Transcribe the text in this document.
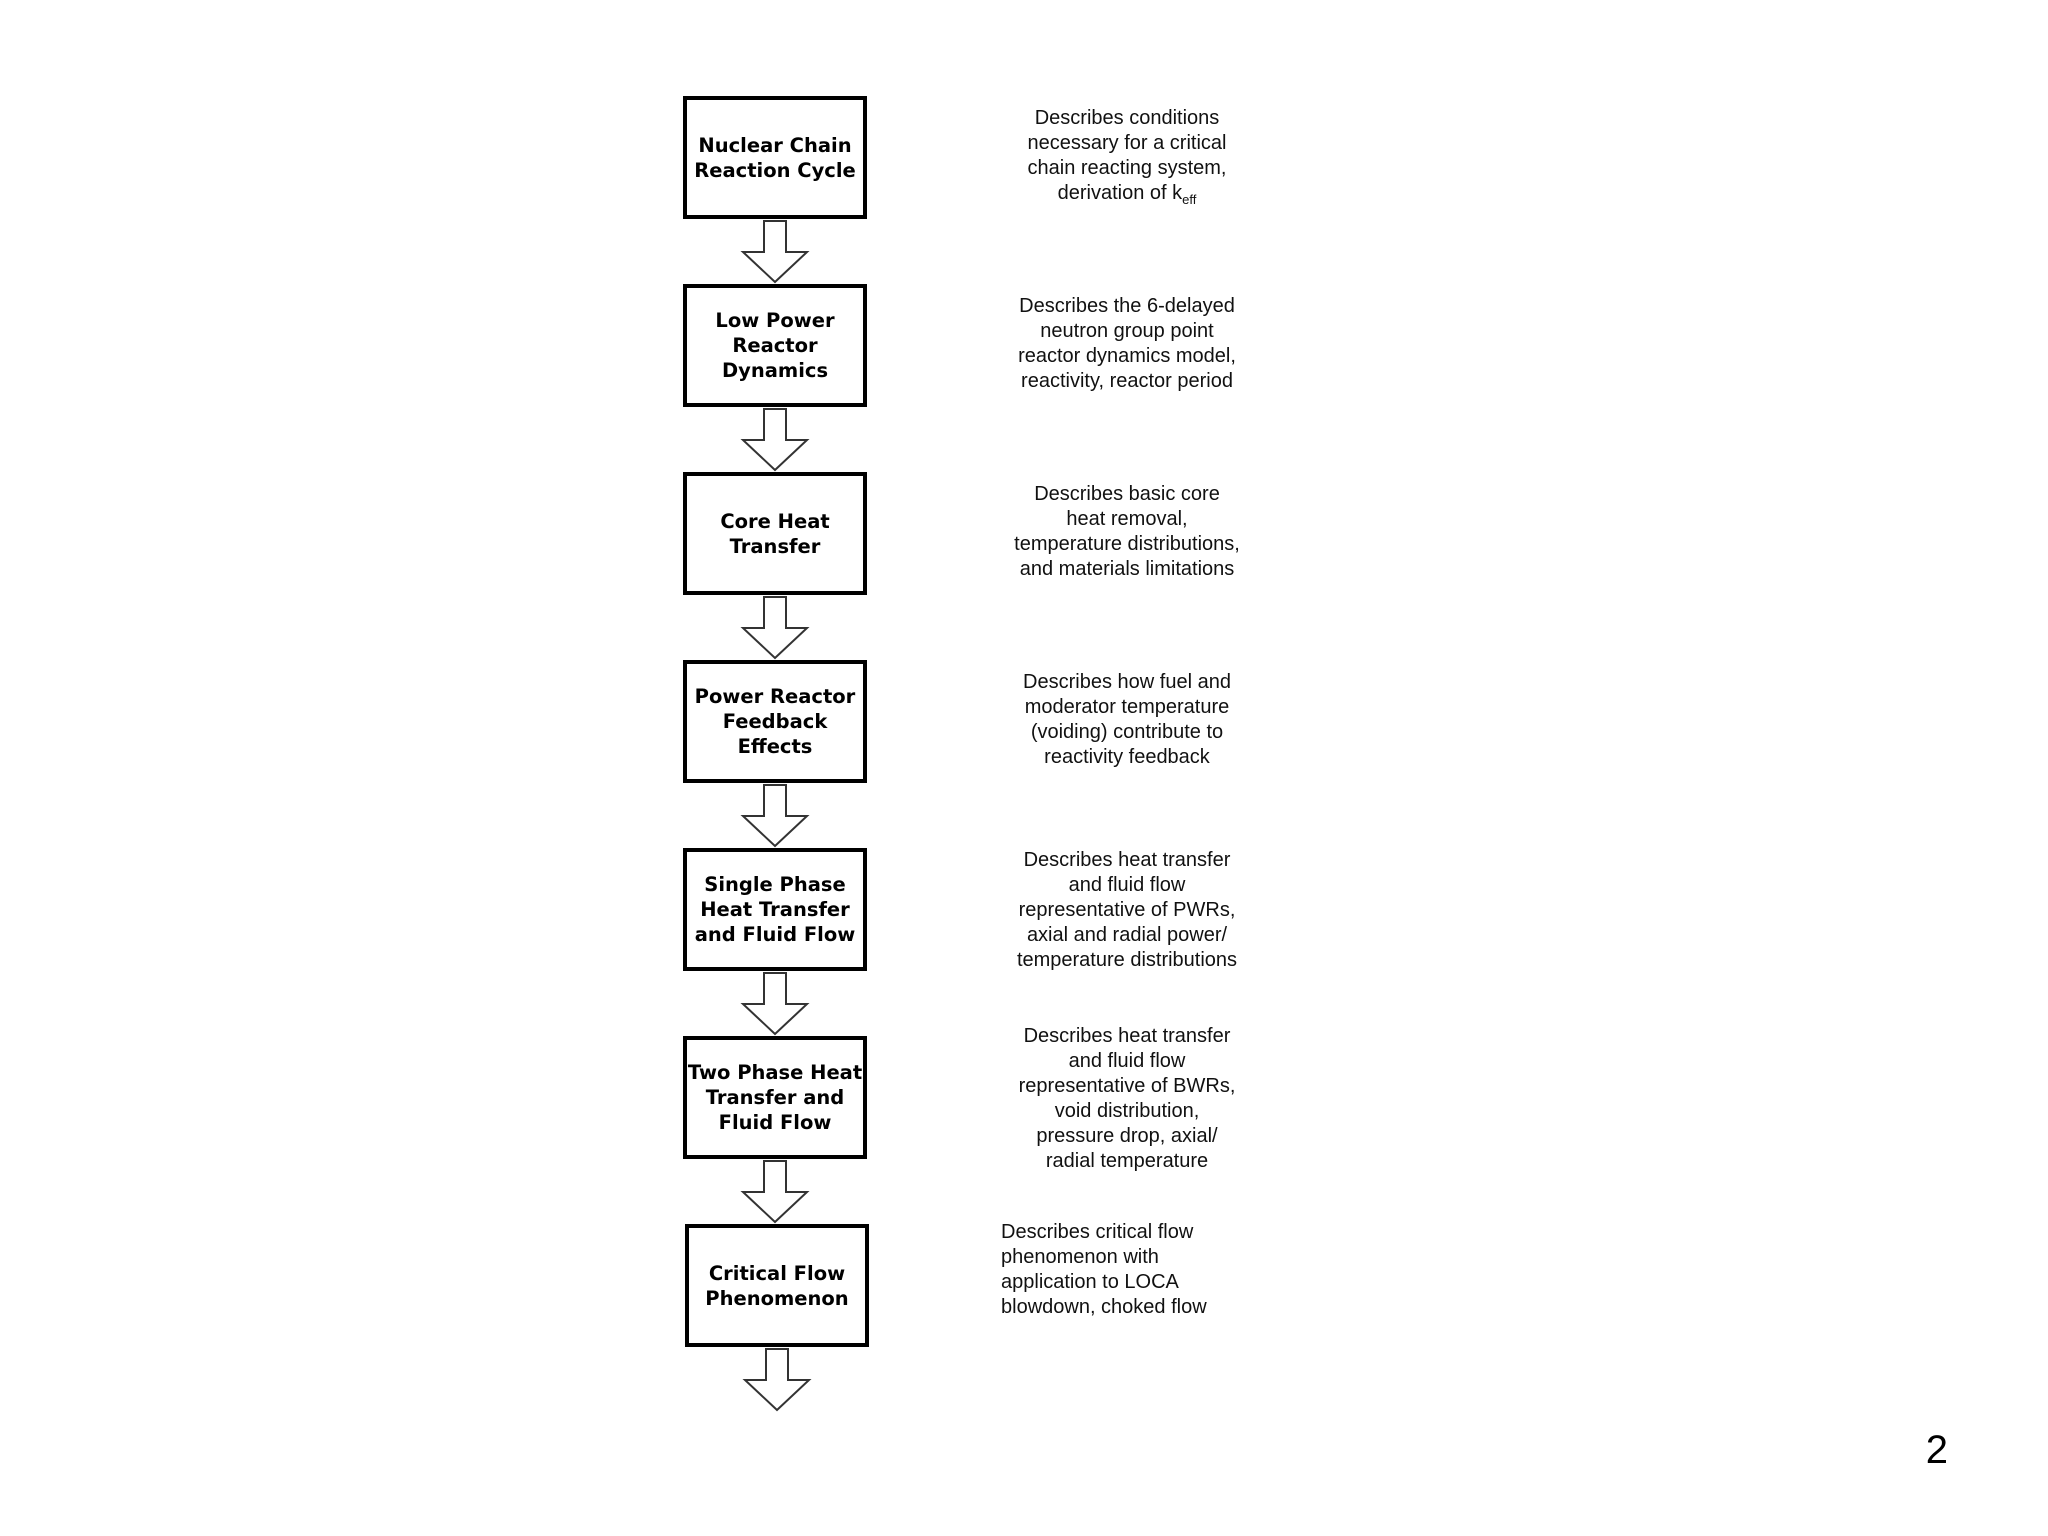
Nuclear Chain
Reaction Cycle
Describes conditions
necessary for a critical
chain reacting system,
derivation of $k_{eff}$
Low Power
Reactor
Dynamics
Describes the 6-delayed
neutron group point
reactor dynamics model,
reactivity, reactor period
Core Heat
Transfer
Describes basic core
heat removal,
temperature distributions,
and materials limitations
Power Reactor
Feedback Effects
Describes how fuel and
moderator temperature
(voiding) contribute to
reactivity feedback
Single Phase
Heat Transfer
and Fluid Flow
Describes heat transfer
and fluid flow
representative of PWRs,
axial and radial power/
temperature distributions
Two Phase Heat
Transfer and
Fluid Flow
Describes heat transfer
and fluid flow
representative of BWRs,
void distribution,
pressure drop, axial/
radial temperature
Critical Flow
Phenomenon
Describes critical flow
phenomenon with
application to LOCA
blowdown, choked flow
2
